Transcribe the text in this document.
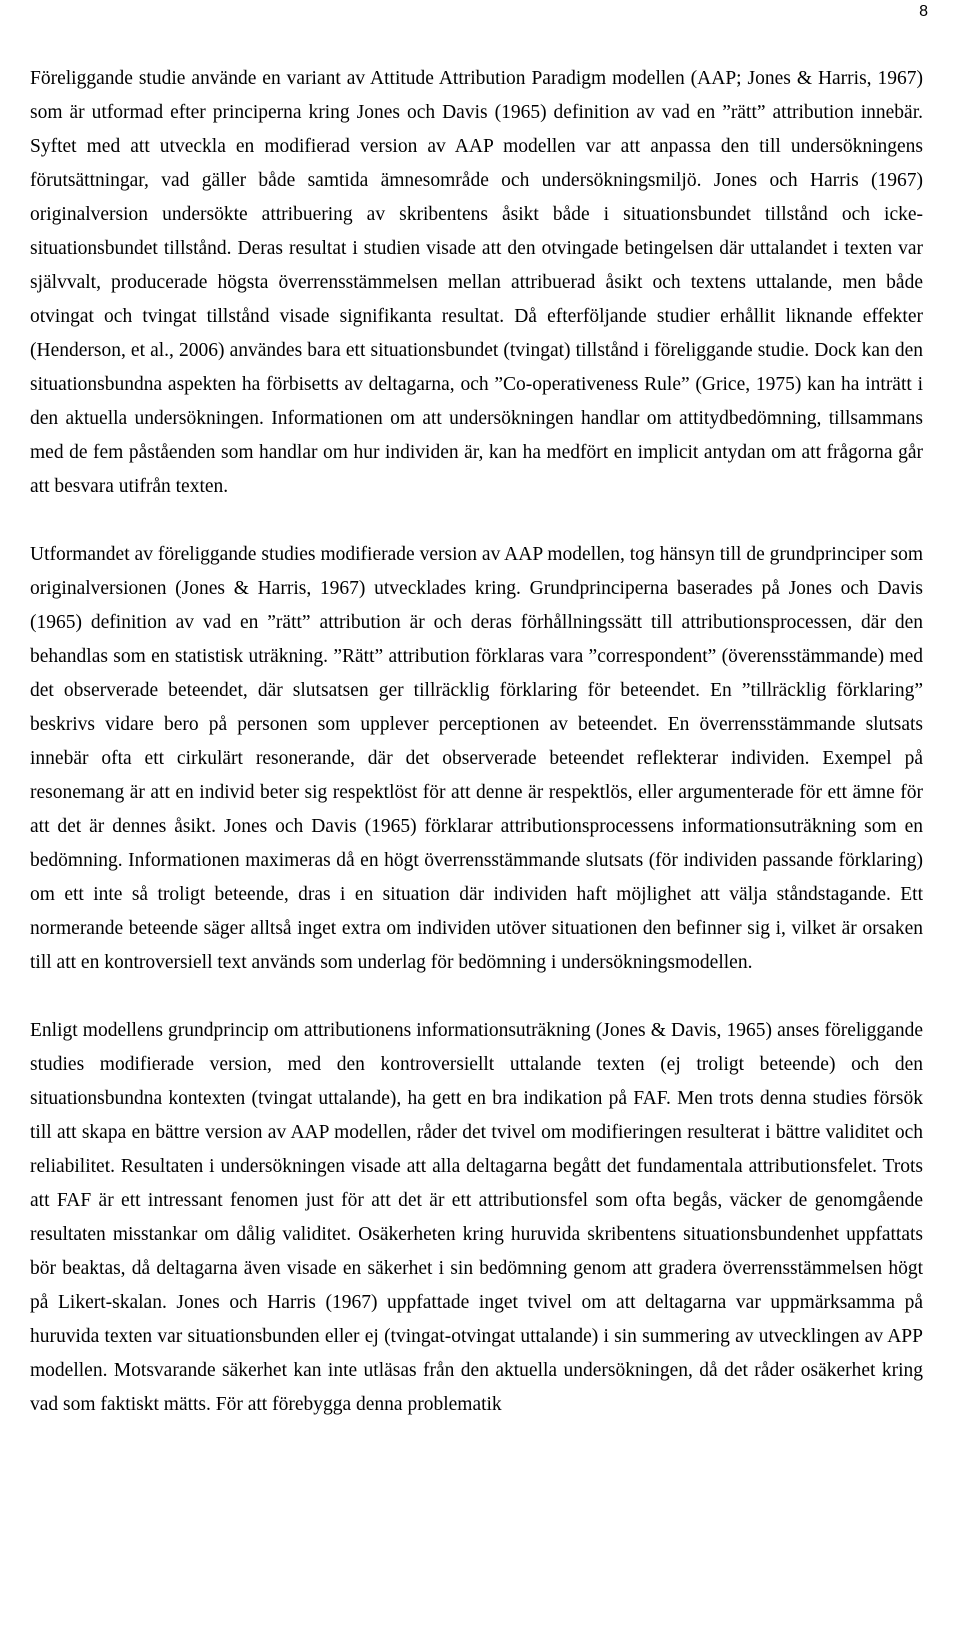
8

Föreliggande studie använde en variant av Attitude Attribution Paradigm modellen (AAP; Jones & Harris, 1967) som är utformad efter principerna kring Jones och Davis (1965) definition av vad en ”rätt” attribution innebär. Syftet med att utveckla en modifierad version av AAP modellen var att anpassa den till undersökningens förutsättningar, vad gäller både samtida ämnesområde och undersökningsmiljö. Jones och Harris (1967) originalversion undersökte attribuering av skribentens åsikt både i situationsbundet tillstånd och icke-situationsbundet tillstånd. Deras resultat i studien visade att den otvingade betingelsen där uttalandet i texten var självvalt, producerade högsta överrensstämmelsen mellan attribuerad åsikt och textens uttalande, men både otvingat och tvingat tillstånd visade signifikanta resultat. Då efterföljande studier erhållit liknande effekter (Henderson, et al., 2006) användes bara ett situationsbundet (tvingat) tillstånd i föreliggande studie. Dock kan den situationsbundna aspekten ha förbisetts av deltagarna, och ”Co-operativeness Rule” (Grice, 1975) kan ha inträtt i den aktuella undersökningen. Informationen om att undersökningen handlar om attitydbedömning, tillsammans med de fem påståenden som handlar om hur individen är, kan ha medfört en implicit antydan om att frågorna går att besvara utifrån texten.

Utformandet av föreliggande studies modifierade version av AAP modellen, tog hänsyn till de grundprinciper som originalversionen (Jones & Harris, 1967) utvecklades kring. Grundprinciperna baserades på Jones och Davis (1965) definition av vad en ”rätt” attribution är och deras förhållningssätt till attributionsprocessen, där den behandlas som en statistisk uträkning. ”Rätt” attribution förklaras vara ”correspondent” (överensstämmande) med det observerade beteendet, där slutsatsen ger tillräcklig förklaring för beteendet. En ”tillräcklig förklaring” beskrivs vidare bero på personen som upplever perceptionen av beteendet. En överrensstämmande slutsats innebär ofta ett cirkulärt resonerande, där det observerade beteendet reflekterar individen. Exempel på resonemang är att en individ beter sig respektlöst för att denne är respektlös, eller argumenterade för ett ämne för att det är dennes åsikt. Jones och Davis (1965) förklarar attributionsprocessens informationsuträkning som en bedömning. Informationen maximeras då en högt överrensstämmande slutsats (för individen passande förklaring) om ett inte så troligt beteende, dras i en situation där individen haft möjlighet att välja ståndstagande. Ett normerande beteende säger alltså inget extra om individen utöver situationen den befinner sig i, vilket är orsaken till att en kontroversiell text används som underlag för bedömning i undersökningsmodellen.

Enligt modellens grundprincip om attributionens informationsuträkning (Jones & Davis, 1965) anses föreliggande studies modifierade version, med den kontroversiellt uttalande texten (ej troligt beteende) och den situationsbundna kontexten (tvingat uttalande), ha gett en bra indikation på FAF. Men trots denna studies försök till att skapa en bättre version av AAP modellen, råder det tvivel om modifieringen resulterat i bättre validitet och reliabilitet. Resultaten i undersökningen visade att alla deltagarna begått det fundamentala attributionsfelet. Trots att FAF är ett intressant fenomen just för att det är ett attributionsfel som ofta begås, väcker de genomgående resultaten misstankar om dålig validitet. Osäkerheten kring huruvida skribentens situationsbundenhet uppfattats bör beaktas, då deltagarna även visade en säkerhet i sin bedömning genom att gradera överrensstämmelsen högt på Likert-skalan. Jones och Harris (1967) uppfattade inget tvivel om att deltagarna var uppmärksamma på huruvida texten var situationsbunden eller ej (tvingat-otvingat uttalande) i sin summering av utvecklingen av APP modellen. Motsvarande säkerhet kan inte utläsas från den aktuella undersökningen, då det råder osäkerhet kring vad som faktiskt mätts. För att förebygga denna problematik
